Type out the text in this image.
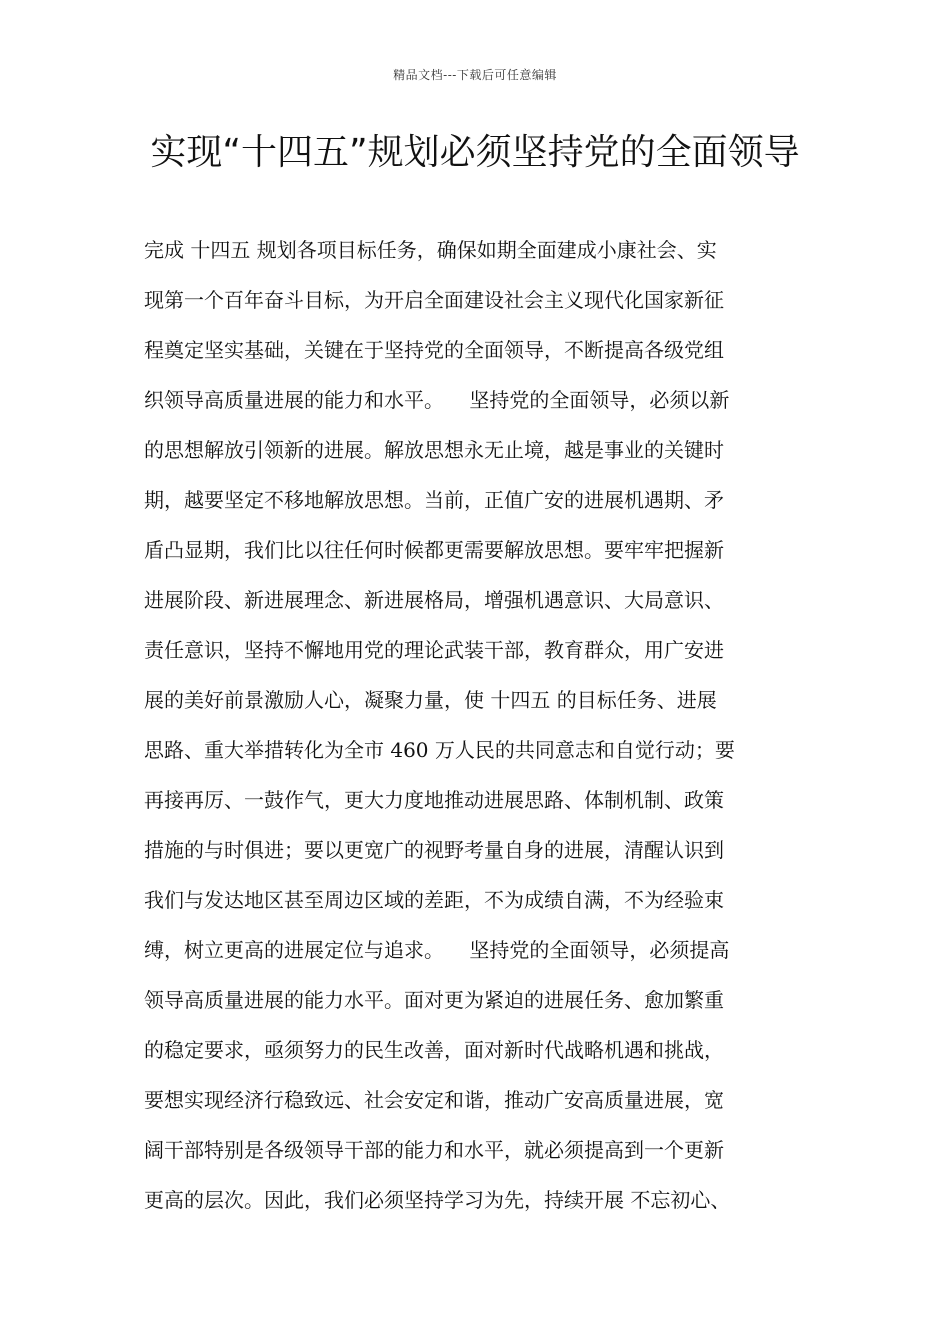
精品文档---下载后可任意编辑
实现“十四五”规划必须坚持党的全面领导
完成 十四五 规划各项目标任务，确保如期全面建成小康社会、实
现第一个百年奋斗目标，为开启全面建设社会主义现代化国家新征
程奠定坚实基础，关键在于坚持党的全面领导，不断提高各级党组
织领导高质量进展的能力和水平。    坚持党的全面领导，必须以新
的思想解放引领新的进展。解放思想永无止境，越是事业的关键时
期，越要坚定不移地解放思想。当前，正值广安的进展机遇期、矛
盾凸显期，我们比以往任何时候都更需要解放思想。要牢牢把握新
进展阶段、新进展理念、新进展格局，增强机遇意识、大局意识、
责任意识，坚持不懈地用党的理论武装干部，教育群众，用广安进
展的美好前景激励人心，凝聚力量，使 十四五 的目标任务、进展
思路、重大举措转化为全市 460 万人民的共同意志和自觉行动；要
再接再厉、一鼓作气，更大力度地推动进展思路、体制机制、政策
措施的与时俱进；要以更宽广的视野考量自身的进展，清醒认识到
我们与发达地区甚至周边区域的差距，不为成绩自满，不为经验束
缚，树立更高的进展定位与追求。    坚持党的全面领导，必须提高
领导高质量进展的能力水平。面对更为紧迫的进展任务、愈加繁重
的稳定要求，亟须努力的民生改善，面对新时代战略机遇和挑战，
要想实现经济行稳致远、社会安定和谐，推动广安高质量进展，宽
阔干部特别是各级领导干部的能力和水平，就必须提高到一个更新
更高的层次。因此，我们必须坚持学习为先，持续开展 不忘初心、
